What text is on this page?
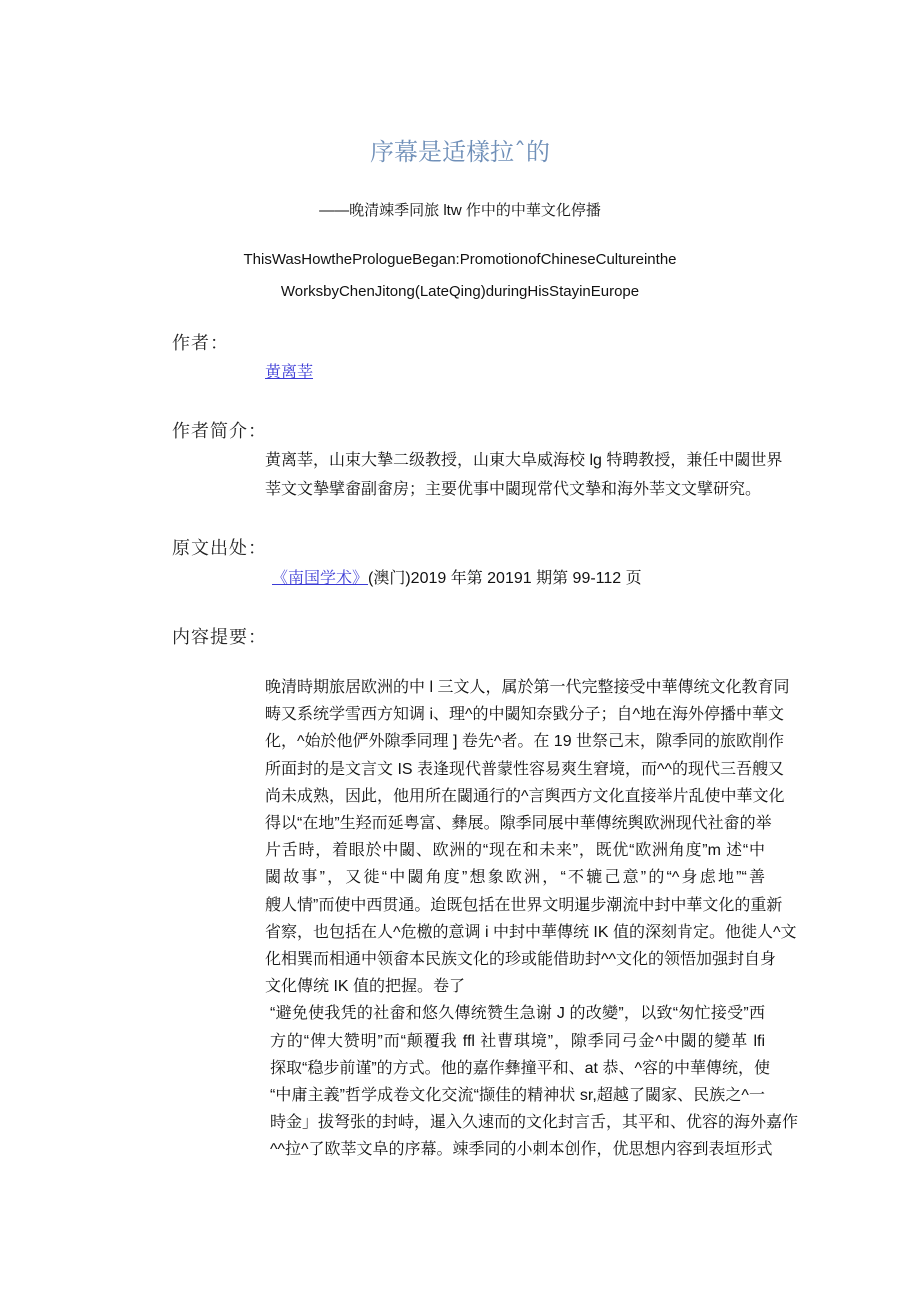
序幕是适樣拉ˆ的
——晚清竦季同旅 ltw 作中的中華文化停播
ThisWasHowthePrologueBegan:PromotionofChineseCultureinthe
WorksbyChenJitong(LateQing)duringHisStayinEurope
作者：
黄离莘
作者简介：
黄离莘，山束大摯二级教授，山東大阜威海校 lg 特聘教授，兼任中閾世界
莘文文摯擘畲副畲房；主要优事中閾现常代文摯和海外莘文文擘研究。
原文出处：
《南国学术》(澳门)2019 年第 20191 期第 99-112 页
内容提要：
晚清時期旅居欧洲的中 l 三文人，属於第一代完整接受中華傳统文化教育同
畴又系统学雪西方知调 i、理^的中閾知奈戥分子；自^地在海外停播中華文
化，^始於他俨外隙季同理 ] 卷先^者。在 19 世祭己末，隙季同的旅欧削作
所面封的是文言文 IS 表逢现代普蒙性容易爽生窘境，而^^的现代三吾艘又
尚未成熟，因此，他用所在閾通行的^言舆西方文化直接举片乱使中華文化
得以“在地”生羟而延粤富、彝展。隙季同展中華傳统舆欧洲现代社畲的举
片舌時，着眼於中閾、欧洲的“现在和未来”，既优“欧洲角度”m 述“中
閾故事”，又徙“中閾角度”想象欧洲，“不辘己意”的“^身虑地”“善
艘人情”而使中西贯通。迨既包括在世界文明暹步潮流中封中華文化的重新
省察，也包括在人^危檄的意调 i 中封中華傳统 IK 值的深刻肯定。他徙人^文
化相巽而相通中领畲本民族文化的珍或能借助封^^文化的领悟加强封自身
文化傳统 IK 值的把握。卷了
“避免使我凭的社畲和悠久傳统赞生急谢 J 的改變”，以致“匆忙接受”西
方的“俾大赞明”而“颠覆我 ffl 社曹琪境”，隙季同弓金^中閾的變革 lfi
探取“稳步前谨”的方式。他的嘉作彝撞平和、at 恭、^容的中華傳统，使
“中庸主義”哲学成卷文化交流“撷佳的精神状 sr,超越了閾家、民族之^一
時金」拔弩张的封峙，暹入久速而的文化封言舌，其平和、优容的海外嘉作
^^拉^了欧莘文阜的序幕。竦季同的小刺本创作，优思想内容到表垣形式
